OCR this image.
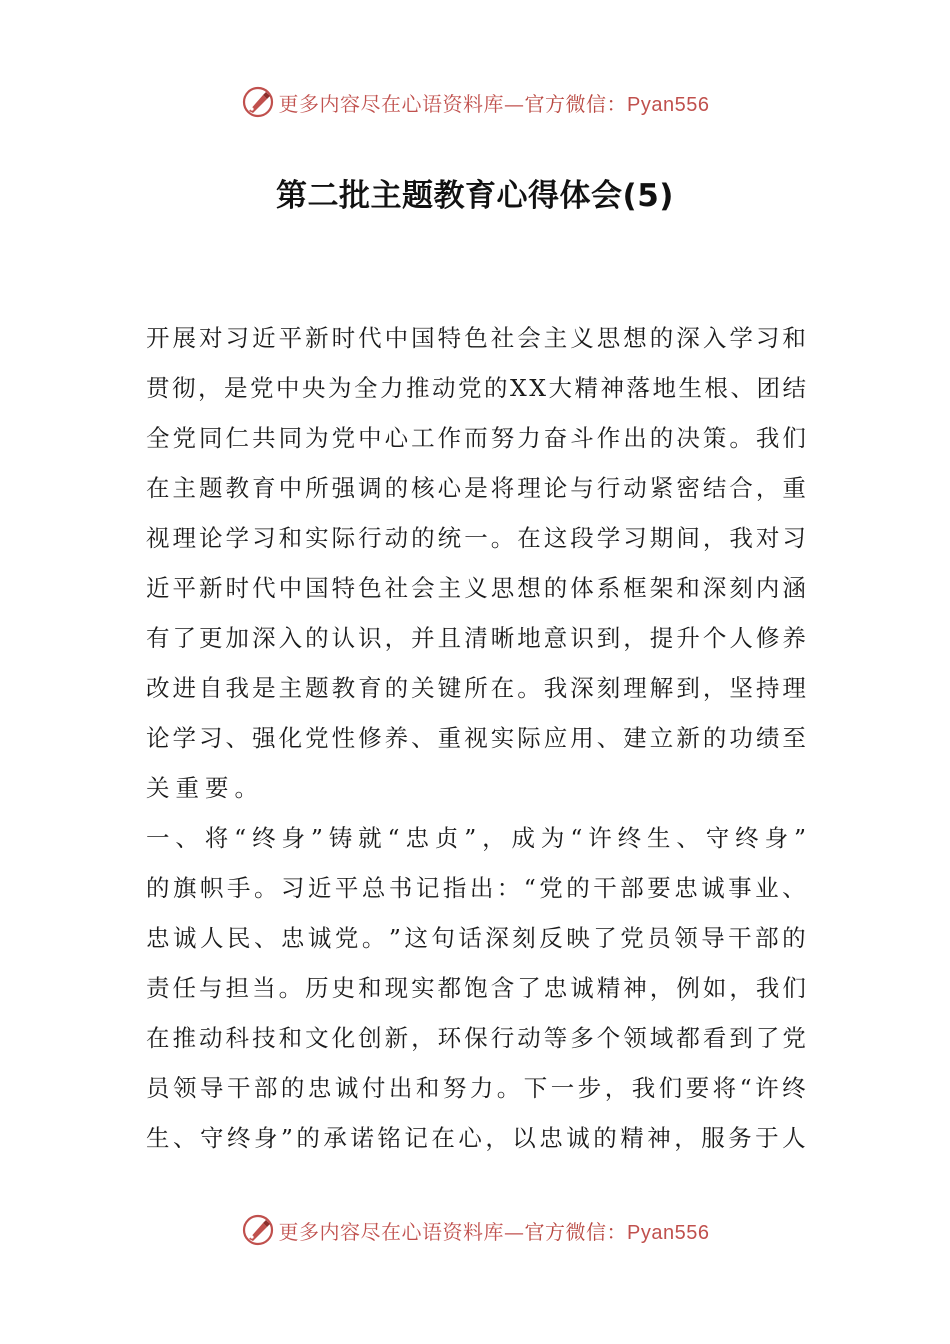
更多内容尽在心语资料库—官方微信：Pyan556
第二批主题教育心得体会(5)
开 展 对 习 近 平 新 时 代 中 国 特 色 社 会 主 义 思 想 的 深 入 学 习 和
贯 彻 ， 是 党 中 央 为 全 力 推 动 党 的 X X 大 精 神 落 地 生 根 、 团 结
全 党 同 仁 共 同 为 党 中 心 工 作 而 努 力 奋 斗 作 出 的 决 策 。 我 们
在 主 题 教 育 中 所 强 调 的 核 心 是 将 理 论 与 行 动 紧 密 结 合 ， 重
视 理 论 学 习 和 实 际 行 动 的 统 一 。 在 这 段 学 习 期 间 ， 我 对 习
近 平 新 时 代 中 国 特 色 社 会 主 义 思 想 的 体 系 框 架 和 深 刻 内 涵
有 了 更 加 深 入 的 认 识 ， 并 且 清 晰 地 意 识 到 ， 提 升 个 人 修 养
改 进 自 我 是 主 题 教 育 的 关 键 所 在 。 我 深 刻 理 解 到 ， 坚 持 理
论 学 习 、 强 化 党 性 修 养 、 重 视 实 际 应 用 、 建 立 新 的 功 绩 至
关重要。
一 、 将 “ 终 身 ” 铸 就 “ 忠 贞 ” ， 成 为 “ 许 终 生 、 守 终 身 ”
的 旗 帜 手 。 习 近 平 总 书 记 指 出 ： “ 党 的 干 部 要 忠 诚 事 业 、
忠 诚 人 民 、 忠 诚 党 。 ” 这 句 话 深 刻 反 映 了 党 员 领 导 干 部 的
责 任 与 担 当 。 历 史 和 现 实 都 饱 含 了 忠 诚 精 神 ， 例 如 ， 我 们
在 推 动 科 技 和 文 化 创 新 ， 环 保 行 动 等 多 个 领 域 都 看 到 了 党
员 领 导 干 部 的 忠 诚 付 出 和 努 力 。 下 一 步 ， 我 们 要 将 “ 许 终
生 、 守 终 身 ” 的 承 诺 铭 记 在 心 ， 以 忠 诚 的 精 神 ， 服 务 于 人
更多内容尽在心语资料库—官方微信：Pyan556
